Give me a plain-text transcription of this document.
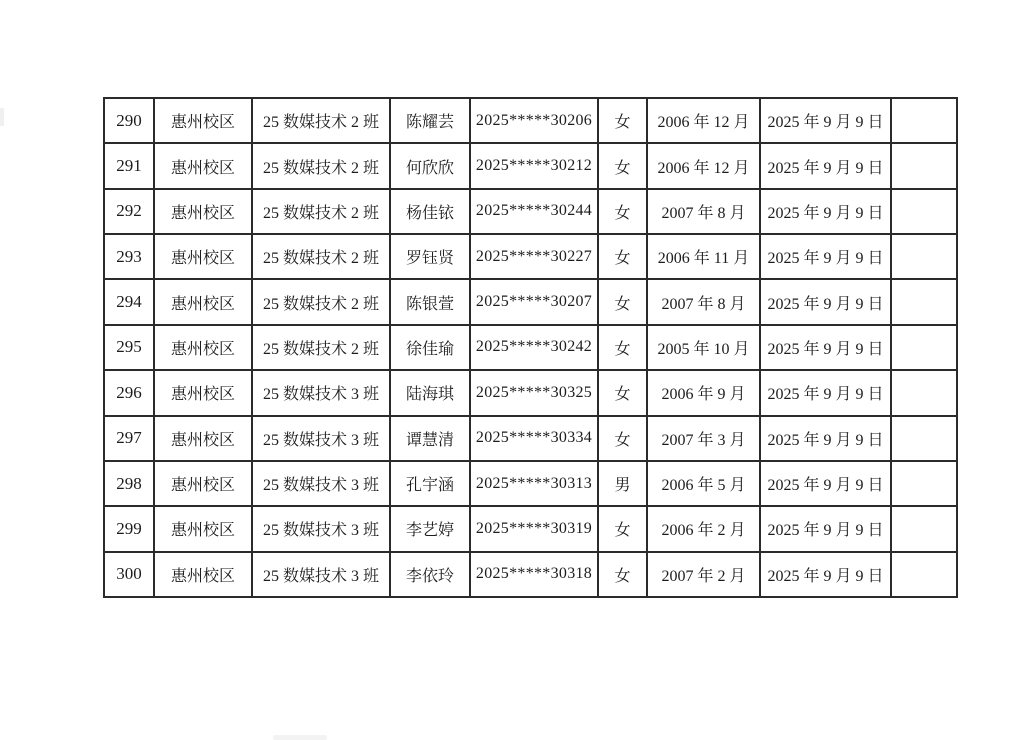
290	惠州校区	25 数媒技术 2 班	陈耀芸	2025*****30206	女	2006 年 12 月	2025 年 9 月 9 日	
291	惠州校区	25 数媒技术 2 班	何欣欣	2025*****30212	女	2006 年 12 月	2025 年 9 月 9 日	
292	惠州校区	25 数媒技术 2 班	杨佳铱	2025*****30244	女	2007 年 8 月	2025 年 9 月 9 日	
293	惠州校区	25 数媒技术 2 班	罗钰贤	2025*****30227	女	2006 年 11 月	2025 年 9 月 9 日	
294	惠州校区	25 数媒技术 2 班	陈银萱	2025*****30207	女	2007 年 8 月	2025 年 9 月 9 日	
295	惠州校区	25 数媒技术 2 班	徐佳瑜	2025*****30242	女	2005 年 10 月	2025 年 9 月 9 日	
296	惠州校区	25 数媒技术 3 班	陆海琪	2025*****30325	女	2006 年 9 月	2025 年 9 月 9 日	
297	惠州校区	25 数媒技术 3 班	谭慧清	2025*****30334	女	2007 年 3 月	2025 年 9 月 9 日	
298	惠州校区	25 数媒技术 3 班	孔宇涵	2025*****30313	男	2006 年 5 月	2025 年 9 月 9 日	
299	惠州校区	25 数媒技术 3 班	李艺婷	2025*****30319	女	2006 年 2 月	2025 年 9 月 9 日	
300	惠州校区	25 数媒技术 3 班	李依玲	2025*****30318	女	2007 年 2 月	2025 年 9 月 9 日	
